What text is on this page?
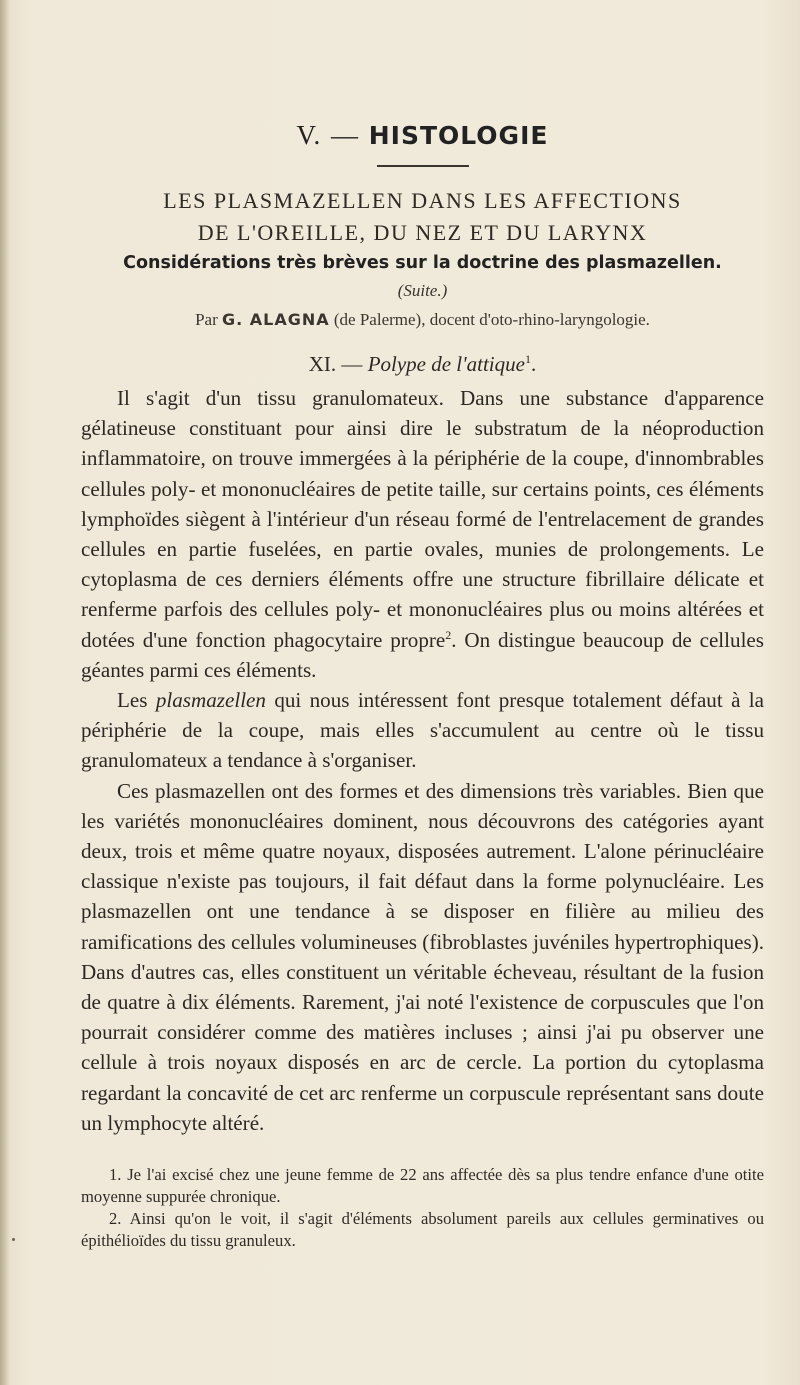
V. — HISTOLOGIE
LES PLASMAZELLEN DANS LES AFFECTIONS
DE L'OREILLE, DU NEZ ET DU LARYNX
Considérations très brèves sur la doctrine des plasmazellen.
(Suite.)
Par G. ALAGNA (de Palerme), docent d'oto-rhino-laryngologie.
XI. — Polype de l'attique$^1$.

Il s'agit d'un tissu granulomateux. Dans une substance d'apparence gélatineuse constituant pour ainsi dire le substratum de la néoproduction inflammatoire, on trouve immergées à la périphérie de la coupe, d'innombrables cellules poly- et mononucléaires de petite taille, sur certains points, ces éléments lymphoïdes siègent à l'intérieur d'un réseau formé de l'entrelacement de grandes cellules en partie fuselées, en partie ovales, munies de prolongements. Le cytoplasma de ces derniers éléments offre une structure fibrillaire délicate et renferme parfois des cellules poly- et mononucléaires plus ou moins altérées et dotées d'une fonction phagocytaire propre$^2$. On distingue beaucoup de cellules géantes parmi ces éléments.

Les plasmazellen qui nous intéressent font presque totalement défaut à la périphérie de la coupe, mais elles s'accumulent au centre où le tissu granulomateux a tendance à s'organiser.

Ces plasmazellen ont des formes et des dimensions très variables. Bien que les variétés mononucléaires dominent, nous découvrons des catégories ayant deux, trois et même quatre noyaux, disposées autrement. L'alone périnucléaire classique n'existe pas toujours, il fait défaut dans la forme polynucléaire. Les plasmazellen ont une tendance à se disposer en filière au milieu des ramifications des cellules volumineuses (fibroblastes juvéniles hypertrophiques). Dans d'autres cas, elles constituent un véritable écheveau, résultant de la fusion de quatre à dix éléments. Rarement, j'ai noté l'existence de corpuscules que l'on pourrait considérer comme des matières incluses ; ainsi j'ai pu observer une cellule à trois noyaux disposés en arc de cercle. La portion du cytoplasma regardant la concavité de cet arc renferme un corpuscule représentant sans doute un lymphocyte altéré.

1. Je l'ai excisé chez une jeune femme de 22 ans affectée dès sa plus tendre enfance d'une otite moyenne suppurée chronique.

2. Ainsi qu'on le voit, il s'agit d'éléments absolument pareils aux cellules germinatives ou épithélioïdes du tissu granuleux.
